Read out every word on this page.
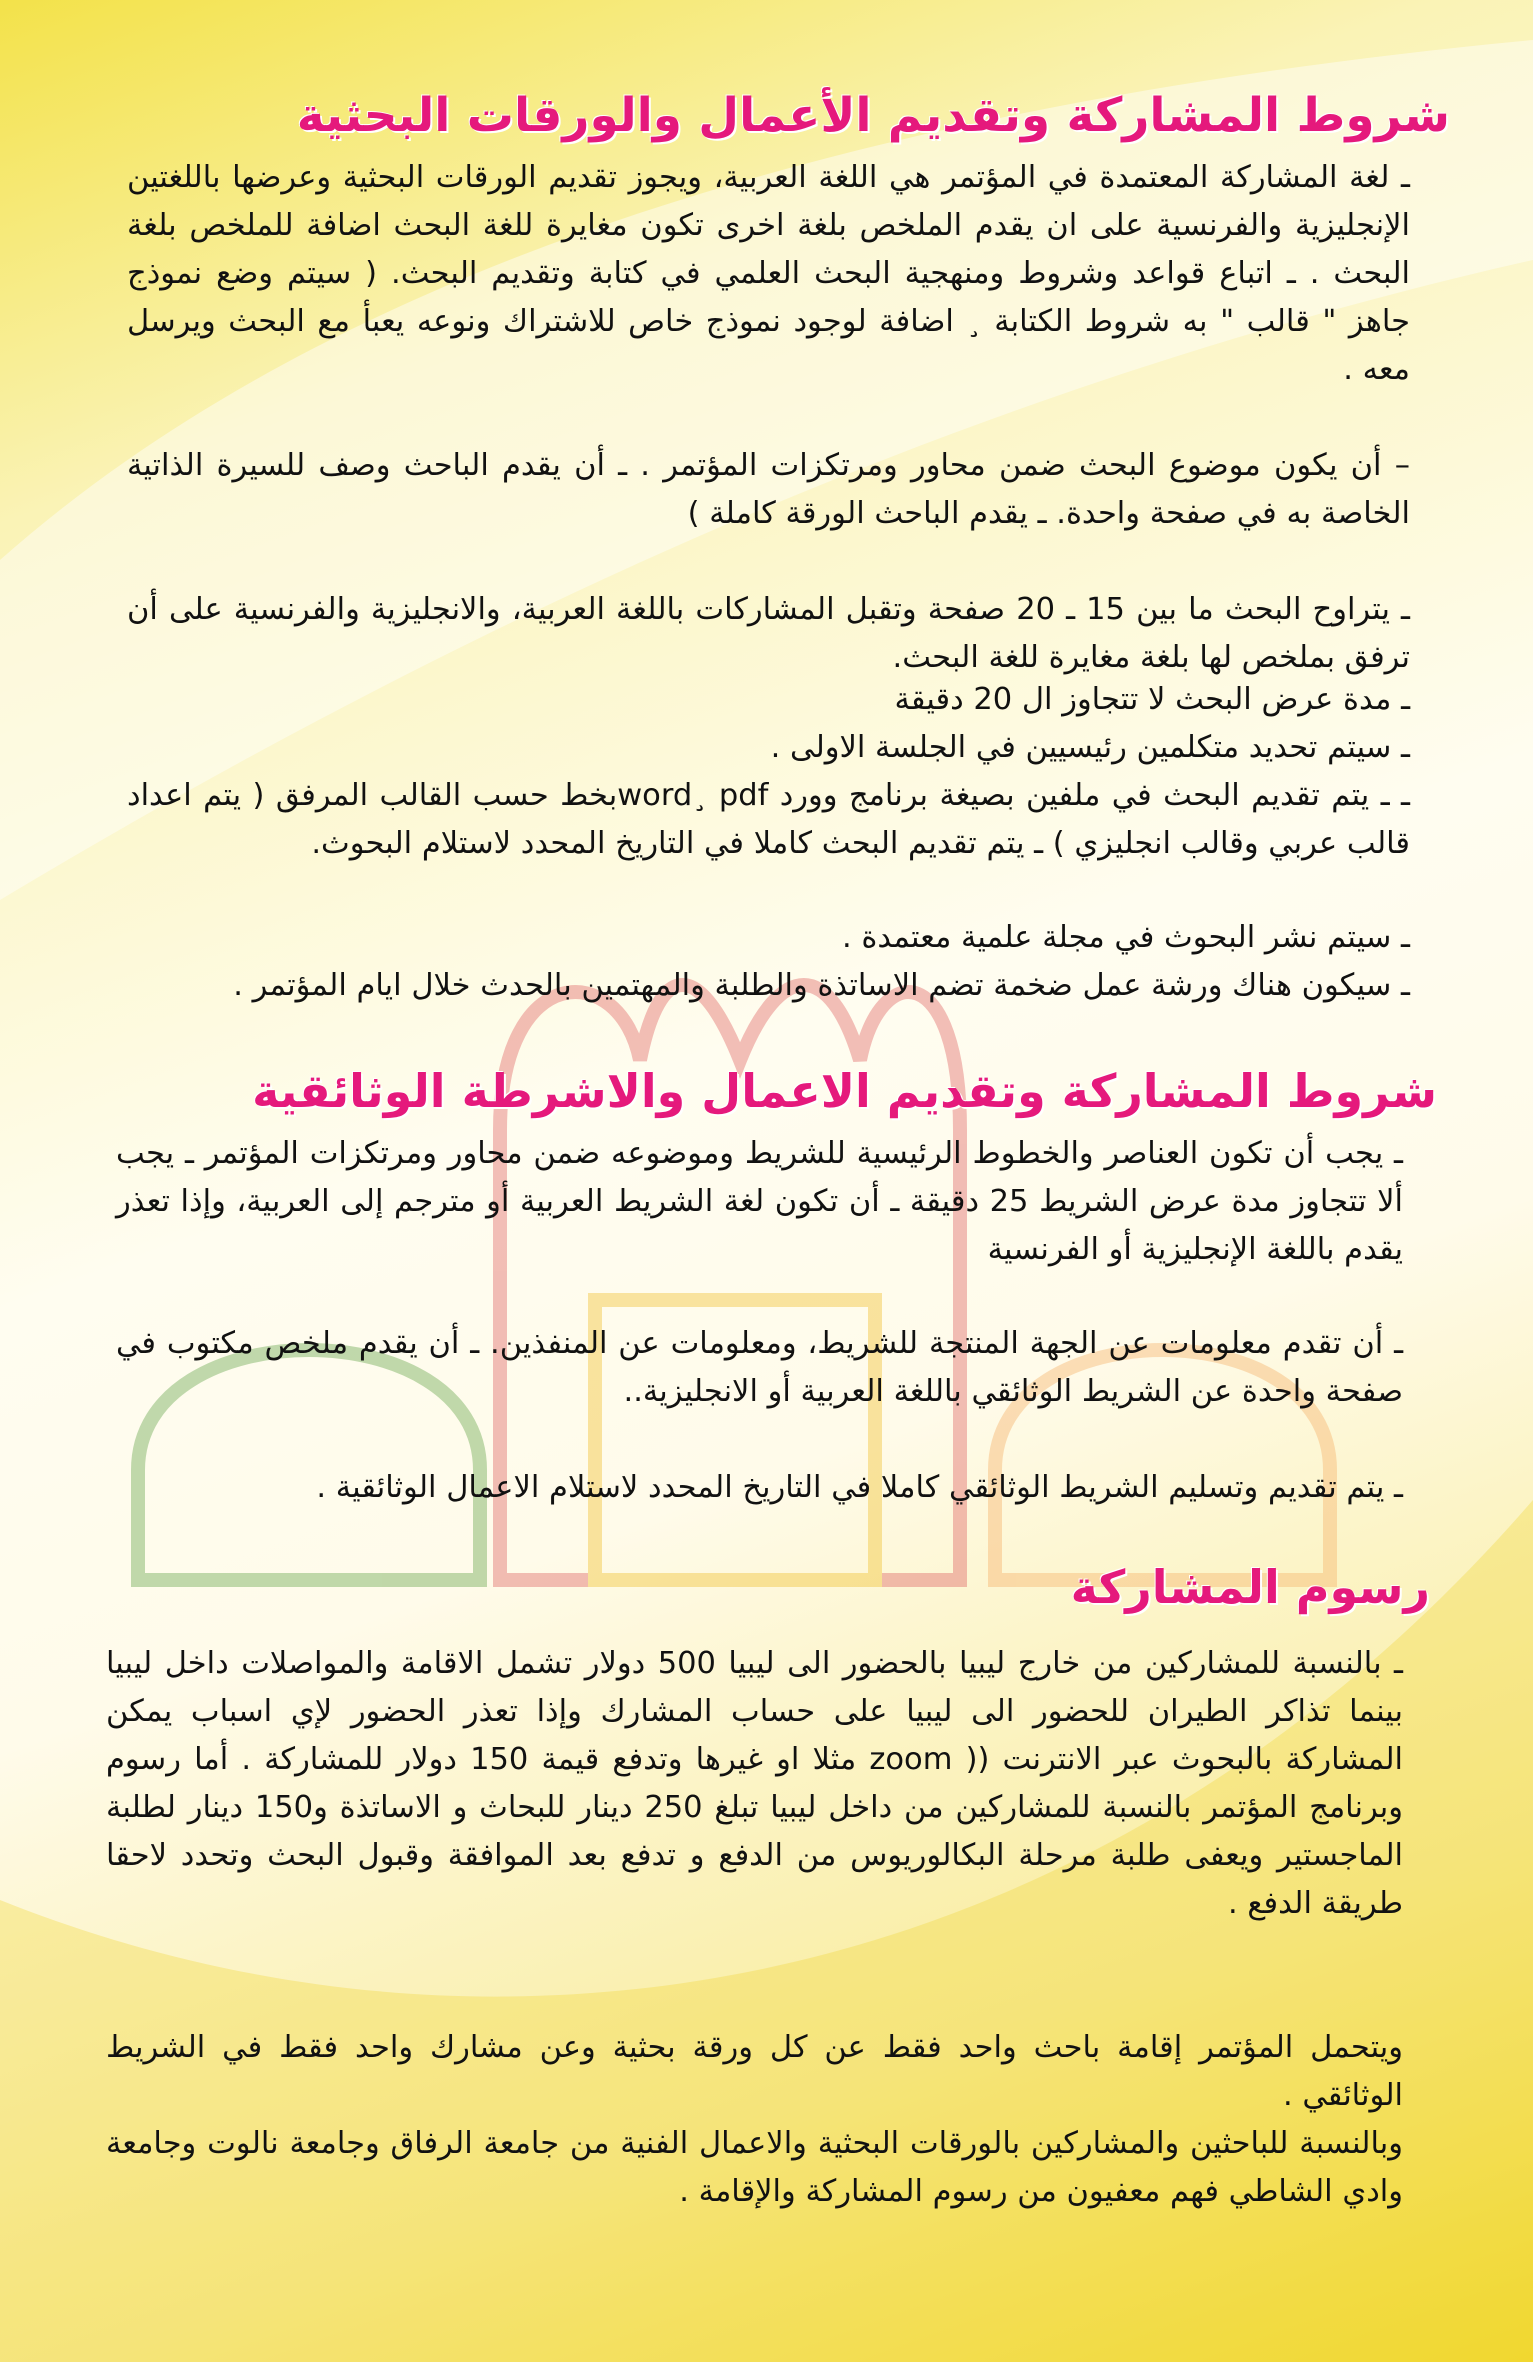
شروط المشاركة وتقديم الأعمال والورقات البحثية

ـ لغة المشاركة المعتمدة في المؤتمر هي اللغة العربية، ويجوز تقديم الورقات البحثية وعرضها باللغتين الإنجليزية والفرنسية على ان يقدم الملخص بلغة اخرى تكون مغايرة للغة البحث اضافة للملخص بلغة البحث . ـ اتباع قواعد وشروط ومنهجية البحث العلمي في كتابة وتقديم البحث. ( سيتم وضع نموذج جاهز " قالب " به شروط الكتابة ¸ اضافة لوجود نموذج خاص للاشتراك ونوعه يعبأ مع البحث ويرسل معه .

– أن يكون موضوع البحث ضمن محاور ومرتكزات المؤتمر . ـ أن يقدم الباحث وصف للسيرة الذاتية الخاصة به في صفحة واحدة. ـ يقدم الباحث الورقة كاملة )

ـ يتراوح البحث ما بين 15 ـ 20 صفحة وتقبل المشاركات باللغة العربية، والانجليزية والفرنسية على أن ترفق بملخص لها بلغة مغايرة للغة البحث.

ـ مدة عرض البحث لا تتجاوز ال 20 دقيقة

ـ سيتم تحديد متكلمين رئيسيين في الجلسة الاولى .

ـ ـ يتم تقديم البحث في ملفين بصيغة برنامج وورد word¸ pdfبخط حسب القالب المرفق ( يتم اعداد قالب عربي وقالب انجليزي ) ـ يتم تقديم البحث كاملا في التاريخ المحدد لاستلام البحوث.

ـ سيتم نشر البحوث في مجلة علمية معتمدة .

ـ سيكون هناك ورشة عمل ضخمة تضم الاساتذة والطلبة والمهتمين بالحدث خلال ايام المؤتمر .

شروط المشاركة وتقديم الاعمال والاشرطة الوثائقية

ـ يجب أن تكون العناصر والخطوط الرئيسية للشريط وموضوعه ضمن محاور ومرتكزات المؤتمر ـ يجب ألا تتجاوز مدة عرض الشريط 25 دقيقة ـ أن تكون لغة الشريط العربية أو مترجم إلى العربية، وإذا تعذر يقدم باللغة الإنجليزية أو الفرنسية

ـ أن تقدم معلومات عن الجهة المنتجة للشريط، ومعلومات عن المنفذين. ـ أن يقدم ملخص مكتوب في صفحة واحدة عن الشريط الوثائقي باللغة العربية أو الانجليزية..

ـ يتم تقديم وتسليم الشريط الوثائقي كاملا في التاريخ المحدد لاستلام الاعمال الوثائقية .

رسوم المشاركة

ـ بالنسبة للمشاركين من خارج ليبيا بالحضور الى ليبيا 500 دولار تشمل الاقامة والمواصلات داخل ليبيا بينما تذاكر الطيران للحضور الى ليبيا على حساب المشارك وإذا تعذر الحضور لإي اسباب يمكن المشاركة بالبحوث عبر الانترنت (( zoom مثلا او غيرها وتدفع قيمة 150 دولار للمشاركة . أما رسوم وبرنامج المؤتمر بالنسبة للمشاركين من داخل ليبيا تبلغ 250 دينار للبحاث و الاساتذة و150 دينار لطلبة الماجستير ويعفى طلبة مرحلة البكالوريوس من الدفع و تدفع بعد الموافقة وقبول البحث وتحدد لاحقا طريقة الدفع .

ويتحمل المؤتمر إقامة باحث واحد فقط عن كل ورقة بحثية وعن مشارك واحد فقط في الشريط الوثائقي .

وبالنسبة للباحثين والمشاركين بالورقات البحثية والاعمال الفنية من جامعة الرفاق وجامعة نالوت وجامعة وادي الشاطي فهم معفيون من رسوم المشاركة والإقامة .
